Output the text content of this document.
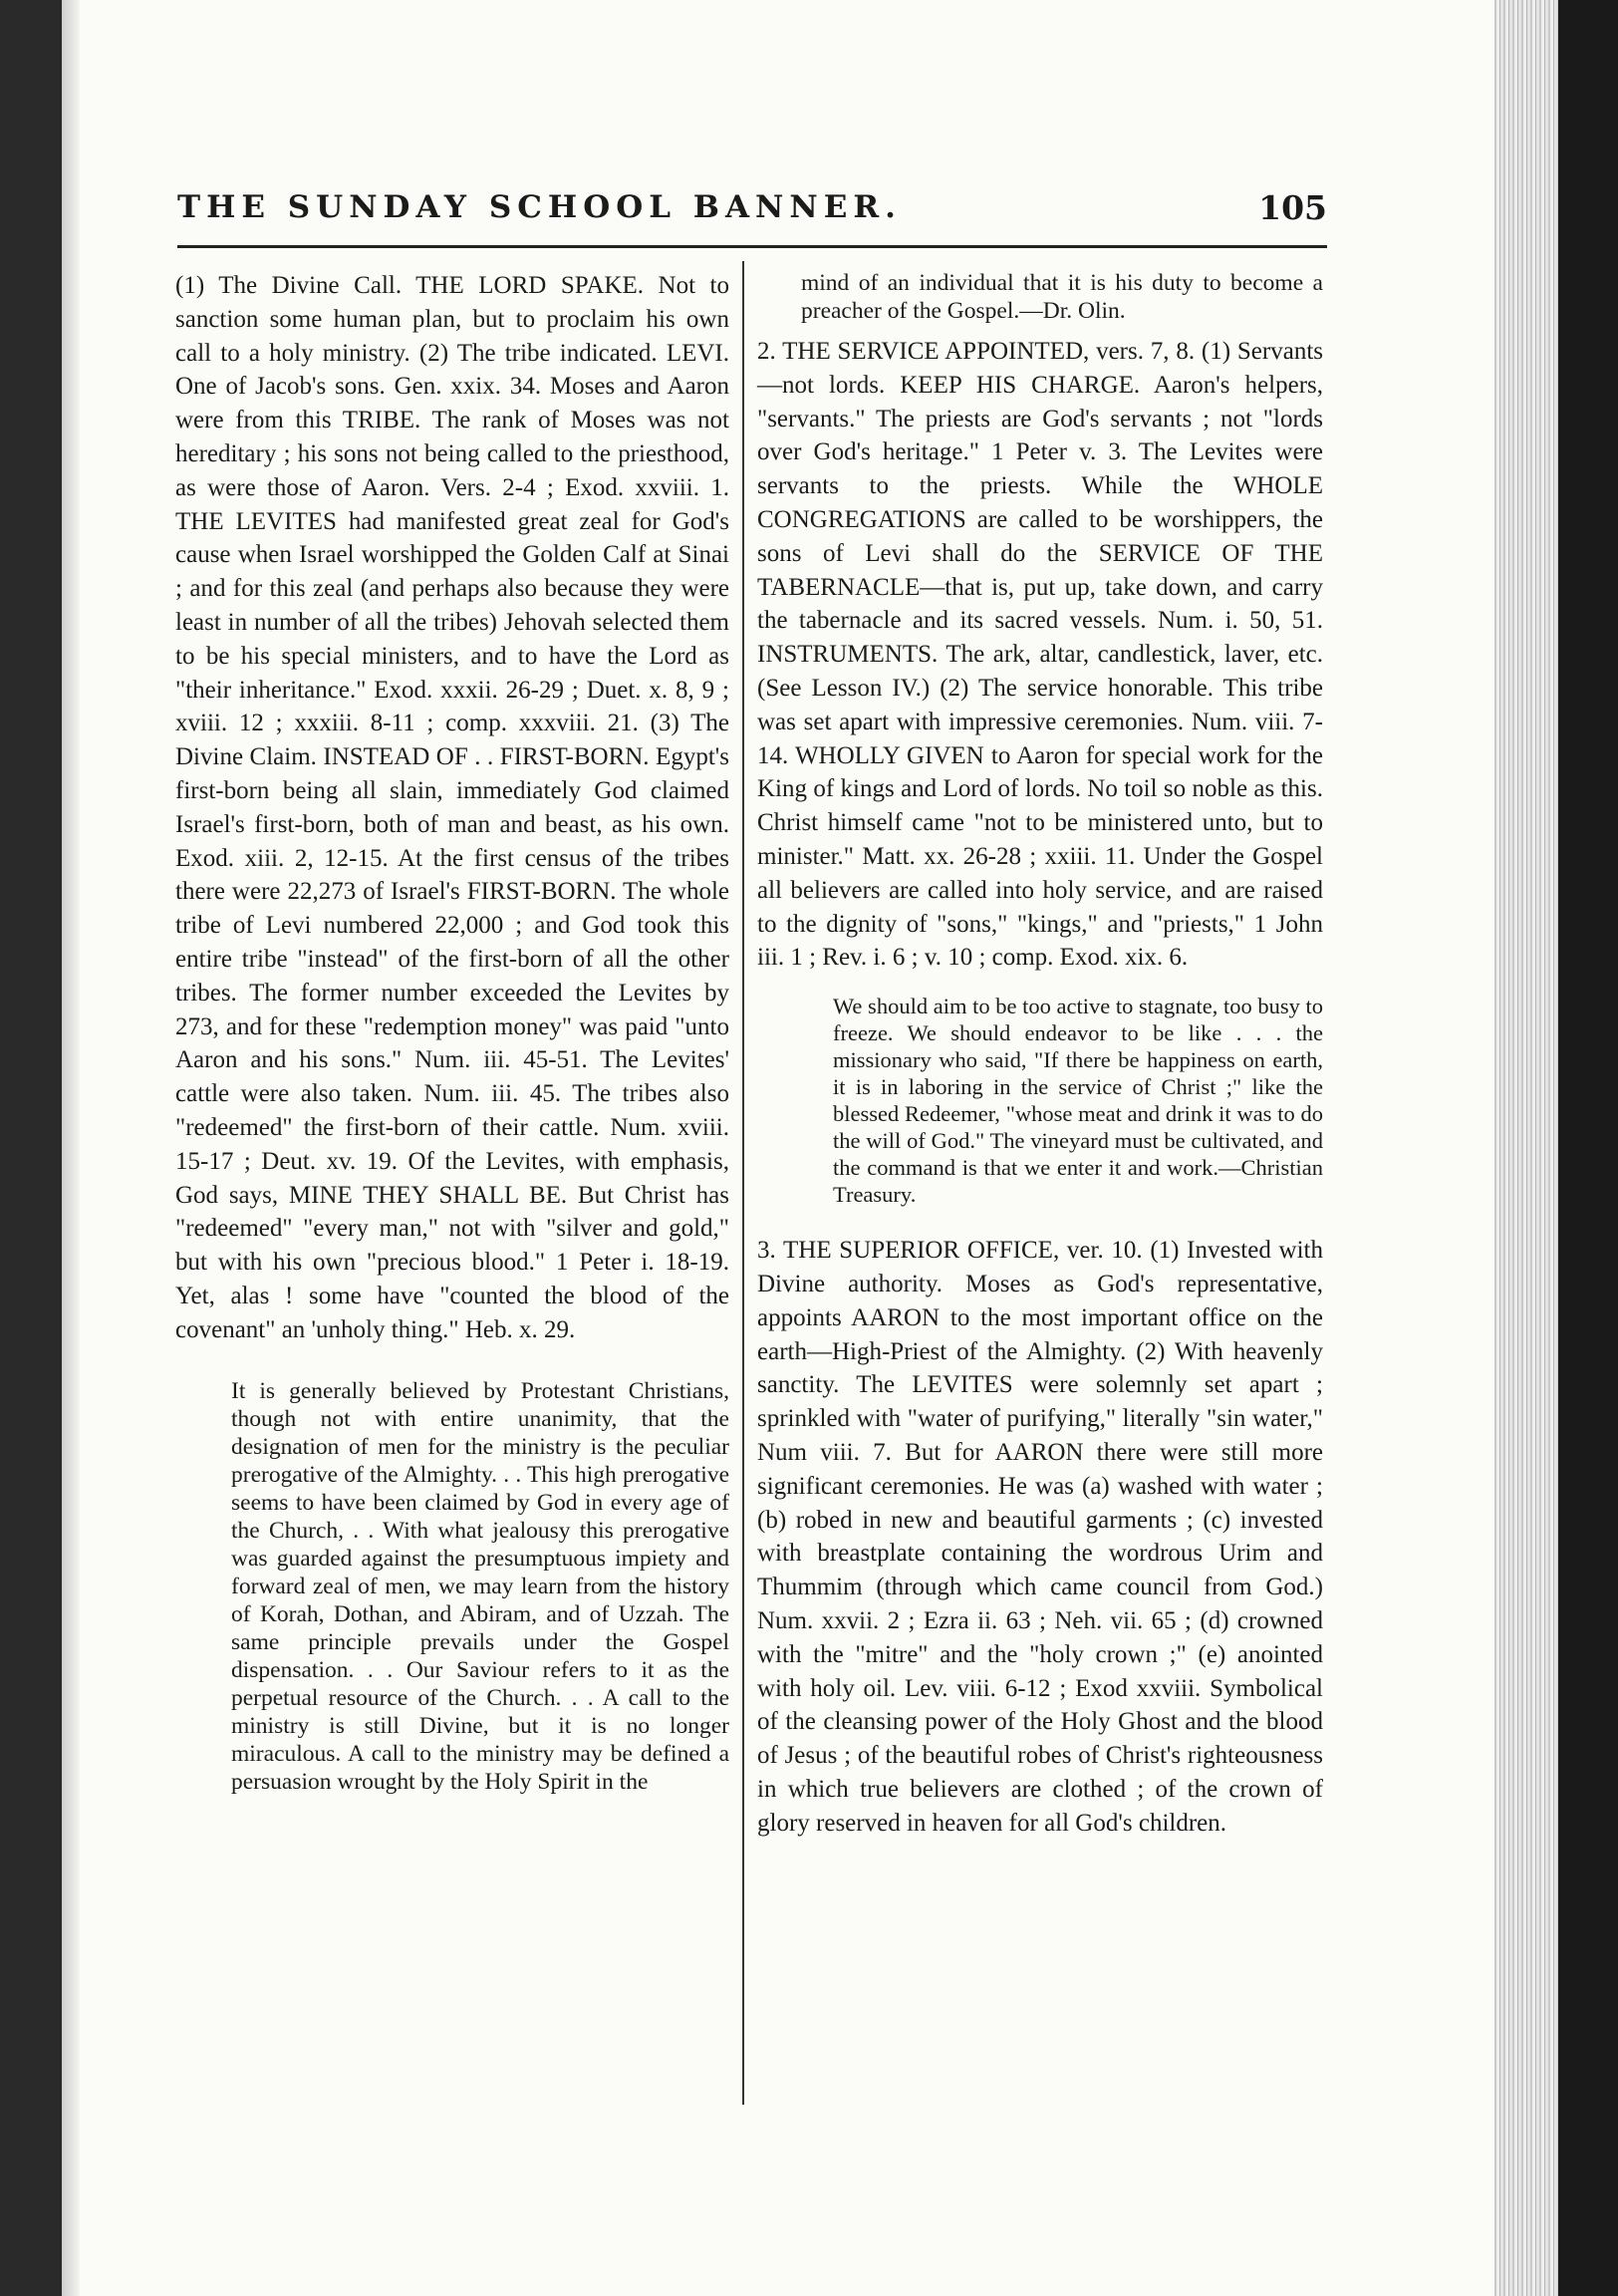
THE SUNDAY SCHOOL BANNER.	105

(1) The Divine Call. THE LORD SPAKE. Not to sanction some human plan, but to proclaim his own call to a holy ministry. (2) The tribe indicated. LEVI. One of Jacob's sons. Gen. xxix. 34. Moses and Aaron were from this TRIBE. The rank of Moses was not hereditary ; his sons not being called to the priesthood, as were those of Aaron. Vers. 2-4 ; Exod. xxviii. 1. THE LEVITES had manifested great zeal for God's cause when Israel worshipped the Golden Calf at Sinai ; and for this zeal (and perhaps also because they were least in number of all the tribes) Jehovah selected them to be his special ministers, and to have the Lord as "their inheritance." Exod. xxxii. 26-29 ; Duet. x. 8, 9 ; xviii. 12 ; xxxiii. 8-11 ; comp. xxxviii. 21. (3) The Divine Claim. INSTEAD OF . . FIRST-BORN. Egypt's first-born being all slain, immediately God claimed Israel's first-born, both of man and beast, as his own. Exod. xiii. 2, 12-15. At the first census of the tribes there were 22,273 of Israel's FIRST-BORN. The whole tribe of Levi numbered 22,000 ; and God took this entire tribe "instead" of the first-born of all the other tribes. The former number exceeded the Levites by 273, and for these "redemption money" was paid "unto Aaron and his sons." Num. iii. 45-51. The Levites' cattle were also taken. Num. iii. 45. The tribes also "redeemed" the first-born of their cattle. Num. xviii. 15-17 ; Deut. xv. 19. Of the Levites, with emphasis, God says, MINE THEY SHALL BE. But Christ has "redeemed" "every man," not with "silver and gold," but with his own "precious blood." 1 Peter i. 18-19. Yet, alas ! some have "counted the blood of the covenant" an 'unholy thing." Heb. x. 29.

It is generally believed by Protestant Christians, though not with entire unanimity, that the designation of men for the ministry is the peculiar prerogative of the Almighty. . . This high prerogative seems to have been claimed by God in every age of the Church, . . With what jealousy this prerogative was guarded against the presumptuous impiety and forward zeal of men, we may learn from the history of Korah, Dothan, and Abiram, and of Uzzah. The same principle prevails under the Gospel dispensation. . . Our Saviour refers to it as the perpetual resource of the Church. . . A call to the ministry is still Divine, but it is no longer miraculous. A call to the ministry may be defined a persuasion wrought by the Holy Spirit in the

mind of an individual that it is his duty to become a preacher of the Gospel.—Dr. Olin.

2. THE SERVICE APPOINTED, vers. 7, 8. (1) Servants—not lords. KEEP HIS CHARGE. Aaron's helpers, "servants." The priests are God's servants ; not "lords over God's heritage." 1 Peter v. 3. The Levites were servants to the priests. While the WHOLE CONGREGATIONS are called to be worshippers, the sons of Levi shall do the SERVICE OF THE TABERNACLE—that is, put up, take down, and carry the tabernacle and its sacred vessels. Num. i. 50, 51. INSTRUMENTS. The ark, altar, candlestick, laver, etc. (See Lesson IV.) (2) The service honorable. This tribe was set apart with impressive ceremonies. Num. viii. 7-14. WHOLLY GIVEN to Aaron for special work for the King of kings and Lord of lords. No toil so noble as this. Christ himself came "not to be ministered unto, but to minister." Matt. xx. 26-28 ; xxiii. 11. Under the Gospel all believers are called into holy service, and are raised to the dignity of "sons," "kings," and "priests," 1 John iii. 1 ; Rev. i. 6 ; v. 10 ; comp. Exod. xix. 6.

We should aim to be too active to stagnate, too busy to freeze. We should endeavor to be like . . . the missionary who said, "If there be happiness on earth, it is in laboring in the service of Christ ;" like the blessed Redeemer, "whose meat and drink it was to do the will of God." The vineyard must be cultivated, and the command is that we enter it and work.—Christian Treasury.

3. THE SUPERIOR OFFICE, ver. 10. (1) Invested with Divine authority. Moses as God's representative, appoints AARON to the most important office on the earth—High-Priest of the Almighty. (2) With heavenly sanctity. The LEVITES were solemnly set apart ; sprinkled with "water of purifying," literally "sin water," Num viii. 7. But for AARON there were still more significant ceremonies. He was (a) washed with water ; (b) robed in new and beautiful garments ; (c) invested with breastplate containing the wordrous Urim and Thummim (through which came council from God.) Num. xxvii. 2 ; Ezra ii. 63 ; Neh. vii. 65 ; (d) crowned with the "mitre" and the "holy crown ;" (e) anointed with holy oil. Lev. viii. 6-12 ; Exod xxviii. Symbolical of the cleansing power of the Holy Ghost and the blood of Jesus ; of the beautiful robes of Christ's righteousness in which true believers are clothed ; of the crown of glory reserved in heaven for all God's children.
